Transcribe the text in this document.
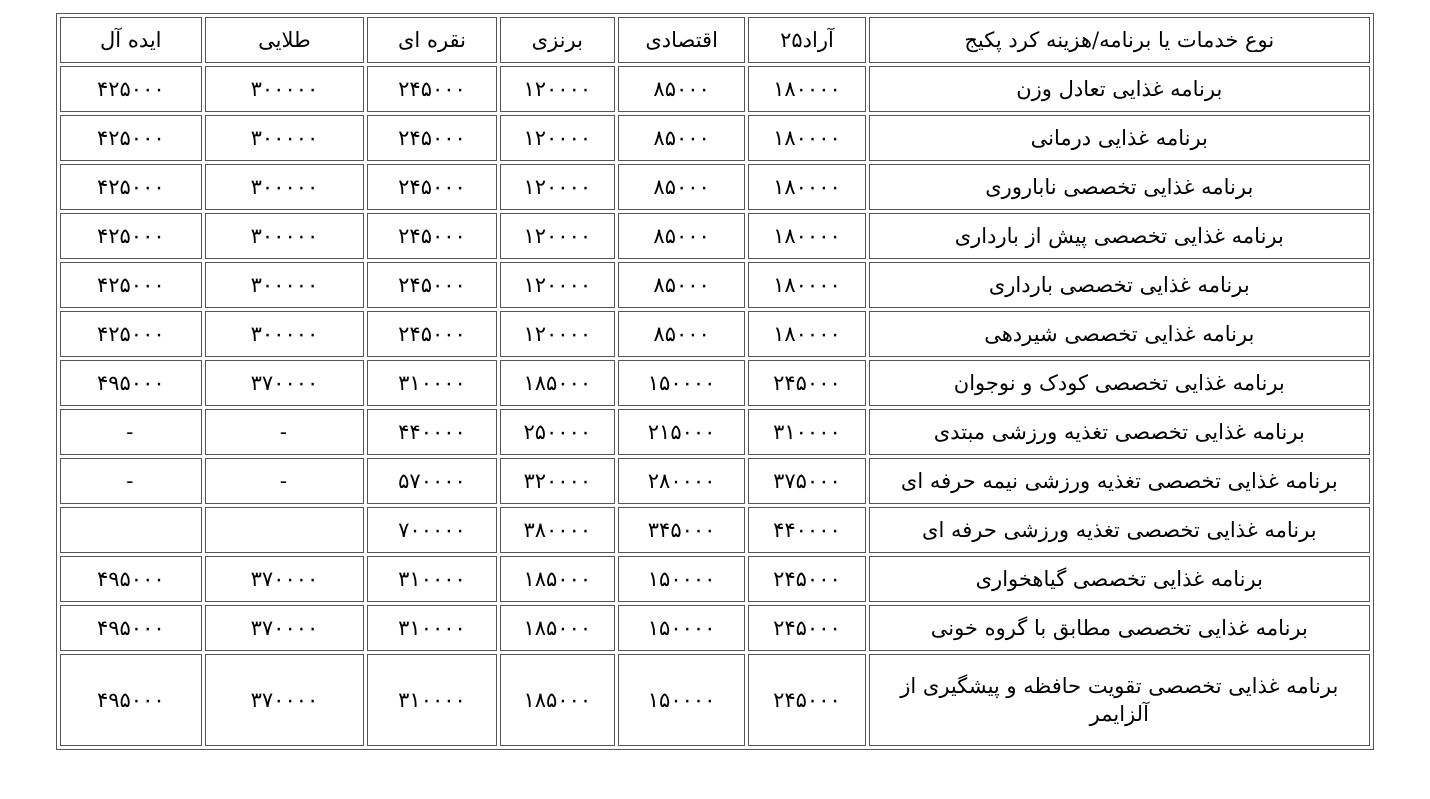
نوع خدمات یا برنامه/هزینه کرد پکیج	آراد۲۵	اقتصادی	برنزی	نقره ای	طلایی	ایده آل
برنامه غذایی تعادل وزن	۱۸۰۰۰۰	۸۵۰۰۰	۱۲۰۰۰۰	۲۴۵۰۰۰	۳۰۰۰۰۰	۴۲۵۰۰۰
برنامه غذایی درمانی	۱۸۰۰۰۰	۸۵۰۰۰	۱۲۰۰۰۰	۲۴۵۰۰۰	۳۰۰۰۰۰	۴۲۵۰۰۰
برنامه غذایی تخصصی ناباروری	۱۸۰۰۰۰	۸۵۰۰۰	۱۲۰۰۰۰	۲۴۵۰۰۰	۳۰۰۰۰۰	۴۲۵۰۰۰
برنامه غذایی تخصصی پیش از بارداری	۱۸۰۰۰۰	۸۵۰۰۰	۱۲۰۰۰۰	۲۴۵۰۰۰	۳۰۰۰۰۰	۴۲۵۰۰۰
برنامه غذایی تخصصی بارداری	۱۸۰۰۰۰	۸۵۰۰۰	۱۲۰۰۰۰	۲۴۵۰۰۰	۳۰۰۰۰۰	۴۲۵۰۰۰
برنامه غذایی تخصصی شیردهی	۱۸۰۰۰۰	۸۵۰۰۰	۱۲۰۰۰۰	۲۴۵۰۰۰	۳۰۰۰۰۰	۴۲۵۰۰۰
برنامه غذایی تخصصی کودک و نوجوان	۲۴۵۰۰۰	۱۵۰۰۰۰	۱۸۵۰۰۰	۳۱۰۰۰۰	۳۷۰۰۰۰	۴۹۵۰۰۰
برنامه غذایی تخصصی تغذیه ورزشی مبتدی	۳۱۰۰۰۰	۲۱۵۰۰۰	۲۵۰۰۰۰	۴۴۰۰۰۰	-	-
برنامه غذایی تخصصی تغذیه ورزشی نیمه حرفه ای	۳۷۵۰۰۰	۲۸۰۰۰۰	۳۲۰۰۰۰	۵۷۰۰۰۰	-	-
برنامه غذایی تخصصی تغذیه ورزشی حرفه ای	۴۴۰۰۰۰	۳۴۵۰۰۰	۳۸۰۰۰۰	۷۰۰۰۰۰		
برنامه غذایی تخصصی گیاهخواری	۲۴۵۰۰۰	۱۵۰۰۰۰	۱۸۵۰۰۰	۳۱۰۰۰۰	۳۷۰۰۰۰	۴۹۵۰۰۰
برنامه غذایی تخصصی مطابق با گروه خونی	۲۴۵۰۰۰	۱۵۰۰۰۰	۱۸۵۰۰۰	۳۱۰۰۰۰	۳۷۰۰۰۰	۴۹۵۰۰۰
برنامه غذایی تخصصی تقویت حافظه و پیشگیری از آلزایمر	۲۴۵۰۰۰	۱۵۰۰۰۰	۱۸۵۰۰۰	۳۱۰۰۰۰	۳۷۰۰۰۰	۴۹۵۰۰۰
